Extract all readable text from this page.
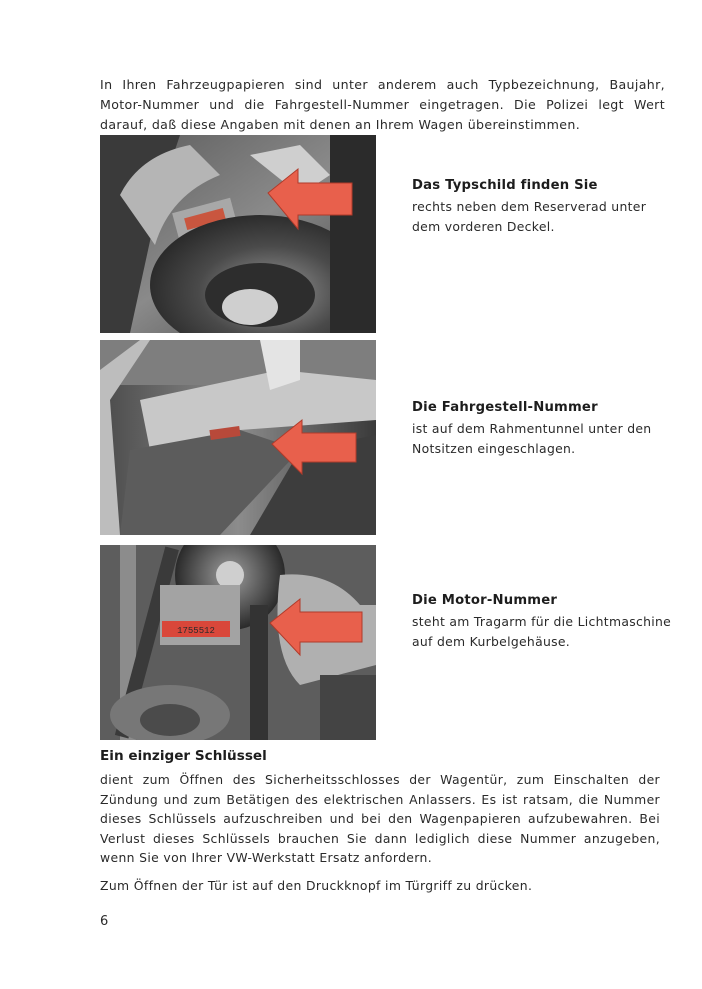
In Ihren Fahrzeugpapieren sind unter anderem auch Typbezeichnung, Baujahr, Motor-Nummer und die Fahrgestell-Nummer eingetragen. Die Polizei legt Wert darauf, daß diese Angaben mit denen an Ihrem Wagen übereinstimmen.

Das Typschild finden Sie

rechts neben dem Reserverad unter dem vorderen Deckel.

Die Fahrgestell-Nummer

ist auf dem Rahmentunnel unter den Notsitzen eingeschlagen.

1755512
Die Motor-Nummer

steht am Tragarm für die Lichtmaschine auf dem Kurbelgehäuse.

Ein einziger Schlüssel

dient zum Öffnen des Sicherheitsschlosses der Wagentür, zum Einschalten der Zündung und zum Betätigen des elektrischen Anlassers. Es ist ratsam, die Nummer dieses Schlüssels aufzuschreiben und bei den Wagenpapieren aufzubewahren. Bei Verlust dieses Schlüssels brauchen Sie dann lediglich diese Nummer anzugeben, wenn Sie von Ihrer VW-Werkstatt Ersatz anfordern.

Zum Öffnen der Tür ist auf den Druckknopf im Türgriff zu drücken.

6
